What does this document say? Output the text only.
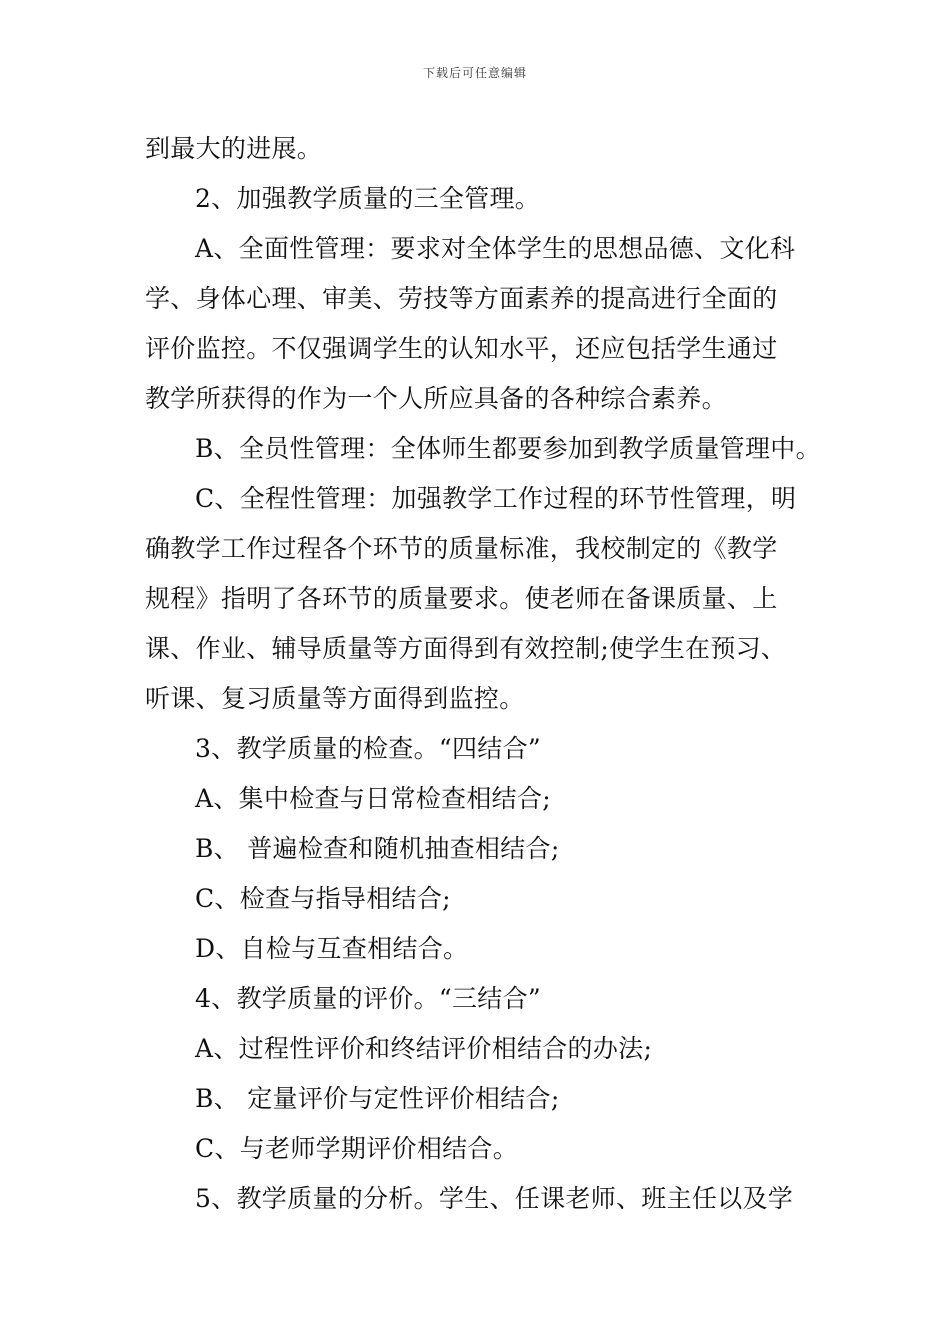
下载后可任意编辑
到最大的进展。
2、加强教学质量的三全管理。
A、全面性管理：要求对全体学生的思想品德、文化科
学、身体心理、审美、劳技等方面素养的提高进行全面的
评价监控。不仅强调学生的认知水平，还应包括学生通过
教学所获得的作为一个人所应具备的各种综合素养。
B、全员性管理：全体师生都要参加到教学质量管理中。
C、全程性管理：加强教学工作过程的环节性管理，明
确教学工作过程各个环节的质量标准，我校制定的《教学
规程》指明了各环节的质量要求。使老师在备课质量、上
课、作业、辅导质量等方面得到有效控制;使学生在预习、
听课、复习质量等方面得到监控。
3、教学质量的检查。“四结合”
A、集中检查与日常检查相结合;
B、 普遍检查和随机抽查相结合;
C、检查与指导相结合;
D、自检与互查相结合。
4、教学质量的评价。“三结合”
A、过程性评价和终结评价相结合的办法;
B、 定量评价与定性评价相结合;
C、与老师学期评价相结合。
5、教学质量的分析。学生、任课老师、班主任以及学
